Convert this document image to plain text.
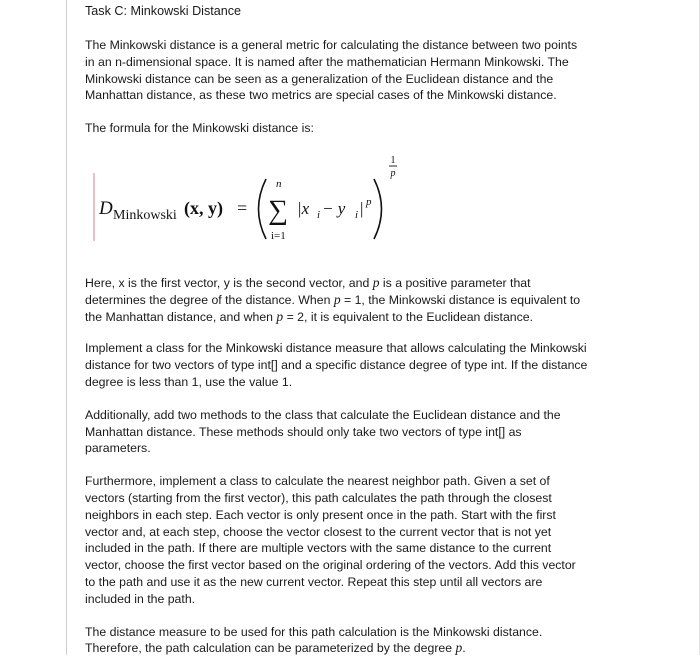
Task C: Minkowski Distance

The Minkowski distance is a general metric for calculating the distance between two points
in an n-dimensional space. It is named after the mathematician Hermann Minkowski. The
Minkowski distance can be seen as a generalization of the Euclidean distance and the
Manhattan distance, as these two metrics are special cases of the Minkowski distance.

The formula for the Minkowski distance is:

D Minkowski (x, y) =
n
∑
i=1
|x i − y i | p
1
p

Here, x is the first vector, y is the second vector, and p is a positive parameter that
determines the degree of the distance. When p = 1, the Minkowski distance is equivalent to
the Manhattan distance, and when p = 2, it is equivalent to the Euclidean distance.

Implement a class for the Minkowski distance measure that allows calculating the Minkowski
distance for two vectors of type int[] and a specific distance degree of type int. If the distance
degree is less than 1, use the value 1.

Additionally, add two methods to the class that calculate the Euclidean distance and the
Manhattan distance. These methods should only take two vectors of type int[] as
parameters.

Furthermore, implement a class to calculate the nearest neighbor path. Given a set of
vectors (starting from the first vector), this path calculates the path through the closest
neighbors in each step. Each vector is only present once in the path. Start with the first
vector and, at each step, choose the vector closest to the current vector that is not yet
included in the path. If there are multiple vectors with the same distance to the current
vector, choose the first vector based on the original ordering of the vectors. Add this vector
to the path and use it as the new current vector. Repeat this step until all vectors are
included in the path.

The distance measure to be used for this path calculation is the Minkowski distance.
Therefore, the path calculation can be parameterized by the degree p.
